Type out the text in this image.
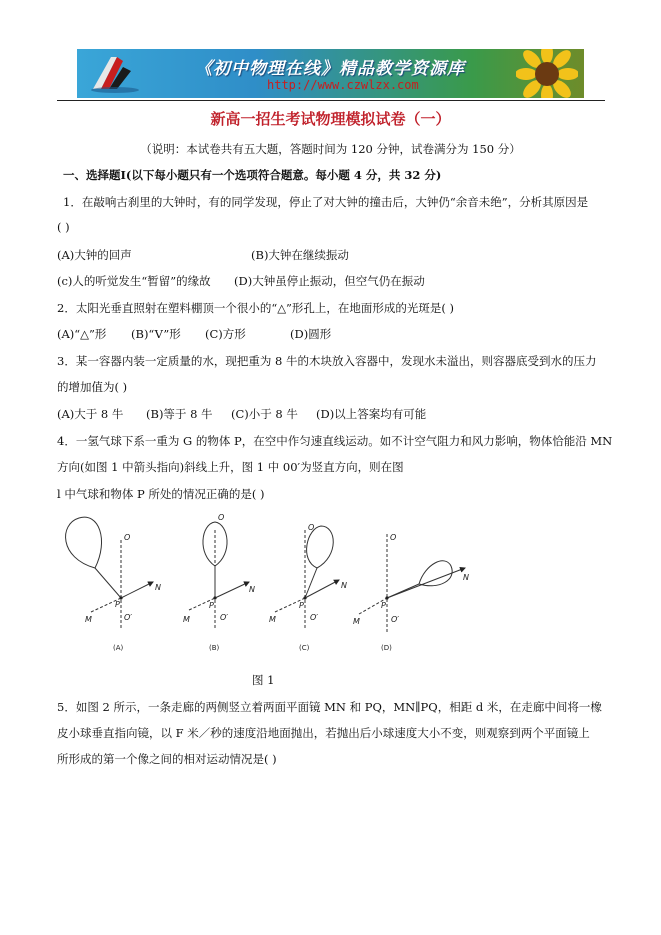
《初中物理在线》精品教学资源库
http://www.czwlzx.com
新高一招生考试物理模拟试卷（一）
（说明：本试卷共有五大题，答题时间为 120 分钟，试卷满分为 150 分）
一、选择题Ⅰ(以下每小题只有一个选项符合题意。每小题 4 分，共 32 分)
1．在敲响古刹里的大钟时，有的同学发现，停止了对大钟的撞击后，大钟仍“余音未绝”，分析其原因是
( )
(A)大钟的回声	(B)大钟在继续振动
(c)人的听觉发生“暂留”的缘故 (D)大钟虽停止振动，但空气仍在振动
2．太阳光垂直照射在塑料棚顶一个很小的“△”形孔上，在地面形成的光斑是( )
(A)“△”形 (B)“V”形 (C)方形	(D)圆形
3．某一容器内装一定质量的水，现把重为 8 牛的木块放入容器中，发现水未溢出，则容器底受到水的压力
的增加值为( )
(A)大于 8 牛 (B)等于 8 牛 (C)小于 8 牛 (D)以上答案均有可能
4．一氢气球下系一重为 G 的物体 P，在空中作匀速直线运动。如不计空气阻力和风力影响，物体恰能沿 MN
方向(如图 1 中箭头指向)斜线上升，图 1 中 00′为竖直方向，则在图
l 中气球和物体 P 所处的情况正确的是( )
O
O′
M
N
P
(A)
O
O′
M
N
P
(B)
O
O′
M
N
P
(C)
O
O′
M
N
P
(D)
图 1
5．如图 2 所示，一条走廊的两侧竖立着两面平面镜 MN 和 PQ，MN∥PQ，相距 d 米，在走廊中间将一橡
皮小球垂直指向镜，以 F 米／秒的速度沿地面抛出，若抛出后小球速度大小不变，则观察到两个平面镜上
所形成的第一个像之间的相对运动情况是( )
